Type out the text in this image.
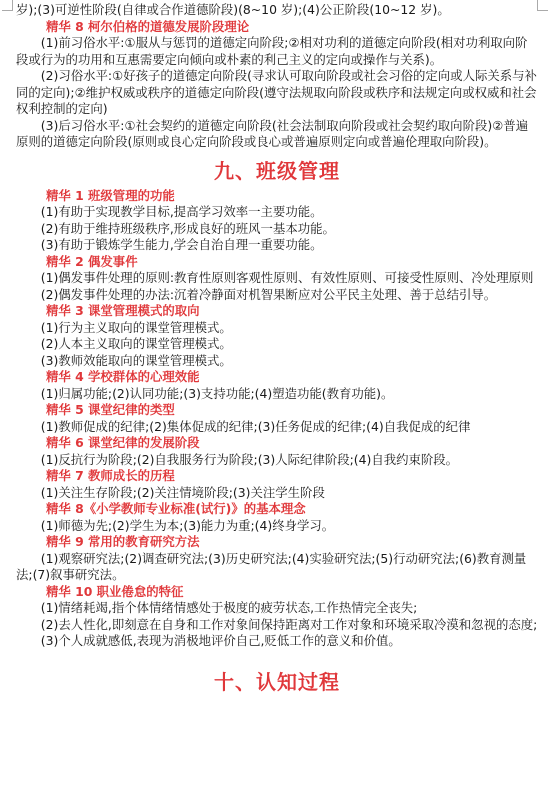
岁);(3)可逆性阶段(自律或合作道德阶段)(8~10 岁);(4)公正阶段(10~12 岁)。

精华 8 柯尔伯格的道德发展阶段理论

(1)前习俗水平:①服从与惩罚的道德定向阶段;②相对功利的道德定向阶段(相对功利取向阶段或行为的功用和互惠需要定向倾向或朴素的利己主义的定向或操作与关系)。

(2)习俗水平:①好孩子的道德定向阶段(寻求认可取向阶段或社会习俗的定向或人际关系与补同的定向);②维护权威或秩序的道德定向阶段(遵守法规取向阶段或秩序和法规定向或权威和社会权利控制的定向)

(3)后习俗水平:①社会契约的道德定向阶段(社会法制取向阶段或社会契约取向阶段)②普遍原则的道德定向阶段(原则或良心定向阶段或良心或普遍原则定向或普遍伦理取向阶段)。

九、班级管理

精华 1 班级管理的功能

(1)有助于实现教学目标,提高学习效率一主要功能。

(2)有助于维持班级秩序,形成良好的班风一基本功能。

(3)有助于锻炼学生能力,学会自治自理一重要功能。

精华 2 偶发事件

(1)偶发事件处理的原则:教育性原则客观性原则、有效性原则、可接受性原则、冷处理原则

(2)偶发事件处理的办法:沉着冷静面对机智果断应对公平民主处理、善于总结引导。

精华 3 课堂管理模式的取向

(1)行为主义取向的课堂管理模式。

(2)人本主义取向的课堂管理模式。

(3)教师效能取向的课堂管理模式。

精华 4 学校群体的心理效能

(1)归属功能;(2)认同功能;(3)支持功能;(4)塑造功能(教育功能)。

精华 5 课堂纪律的类型

(1)教师促成的纪律;(2)集体促成的纪律;(3)任务促成的纪律;(4)自我促成的纪律

精华 6 课堂纪律的发展阶段

(1)反抗行为阶段;(2)自我服务行为阶段;(3)人际纪律阶段;(4)自我约束阶段。

精华 7 教师成长的历程

(1)关注生存阶段;(2)关注情境阶段;(3)关注学生阶段

精华 8《小学教师专业标准(试行)》的基本理念

(1)师德为先;(2)学生为本;(3)能力为重;(4)终身学习。

精华 9 常用的教育研究方法

(1)观察研究法;(2)调查研究法;(3)历史研究法;(4)实验研究法;(5)行动研究法;(6)教育测量法;(7)叙事研究法。

精华 10 职业倦怠的特征

(1)情绪耗竭,指个体情绪情感处于极度的疲劳状态,工作热情完全丧失;

(2)去人性化,即刻意在自身和工作对象间保持距离对工作对象和环境采取冷漠和忽视的态度;

(3)个人成就感低,表现为消极地评价自己,贬低工作的意义和价值。

十、认知过程
